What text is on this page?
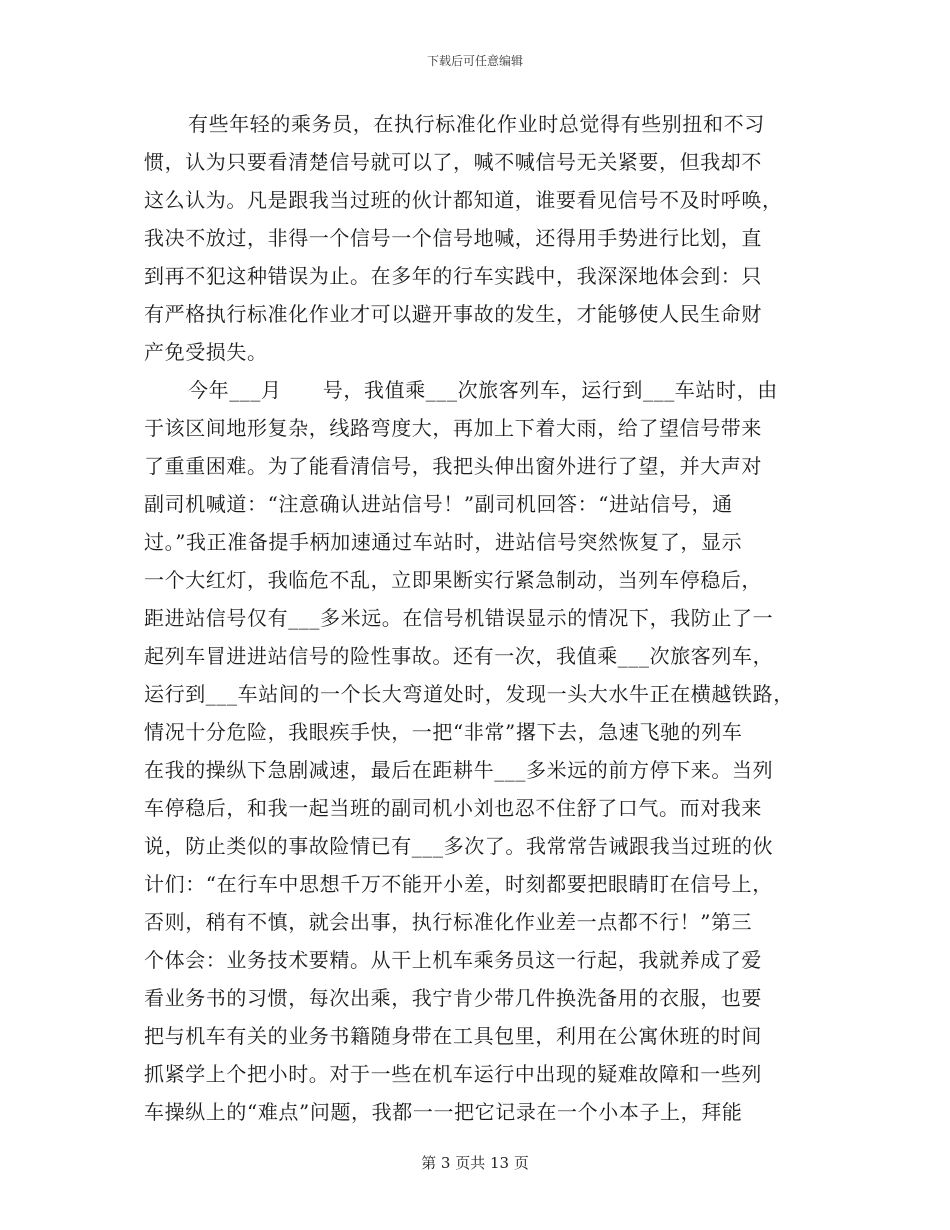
下载后可任意编辑
有些年轻的乘务员，在执行标准化作业时总觉得有些别扭和不习
惯，认为只要看清楚信号就可以了，喊不喊信号无关紧要，但我却不
这么认为。凡是跟我当过班的伙计都知道，谁要看见信号不及时呼唤，
我决不放过，非得一个信号一个信号地喊，还得用手势进行比划，直
到再不犯这种错误为止。在多年的行车实践中，我深深地体会到：只
有严格执行标准化作业才可以避开事故的发生，才能够使人民生命财
产免受损失。
今年___月　　号，我值乘___次旅客列车，运行到___车站时，由
于该区间地形复杂，线路弯度大，再加上下着大雨，给了望信号带来
了重重困难。为了能看清信号，我把头伸出窗外进行了望，并大声对
副司机喊道：“注意确认进站信号！”副司机回答：“进站信号，通
过。”我正准备提手柄加速通过车站时，进站信号突然恢复了，显示
一个大红灯，我临危不乱，立即果断实行紧急制动，当列车停稳后，
距进站信号仅有___多米远。在信号机错误显示的情况下，我防止了一
起列车冒进进站信号的险性事故。还有一次，我值乘___次旅客列车，
运行到___车站间的一个长大弯道处时，发现一头大水牛正在横越铁路，
情况十分危险，我眼疾手快，一把“非常”撂下去，急速飞驰的列车
在我的操纵下急剧减速，最后在距耕牛___多米远的前方停下来。当列
车停稳后，和我一起当班的副司机小刘也忍不住舒了口气。而对我来
说，防止类似的事故险情已有___多次了。我常常告诫跟我当过班的伙
计们：“在行车中思想千万不能开小差，时刻都要把眼睛盯在信号上，
否则，稍有不慎，就会出事，执行标准化作业差一点都不行！”第三
个体会：业务技术要精。从干上机车乘务员这一行起，我就养成了爱
看业务书的习惯，每次出乘，我宁肯少带几件换洗备用的衣服，也要
把与机车有关的业务书籍随身带在工具包里，利用在公寓休班的时间
抓紧学上个把小时。对于一些在机车运行中出现的疑难故障和一些列
车操纵上的“难点”问题，我都一一把它记录在一个小本子上，拜能
第 3 页共 13 页
